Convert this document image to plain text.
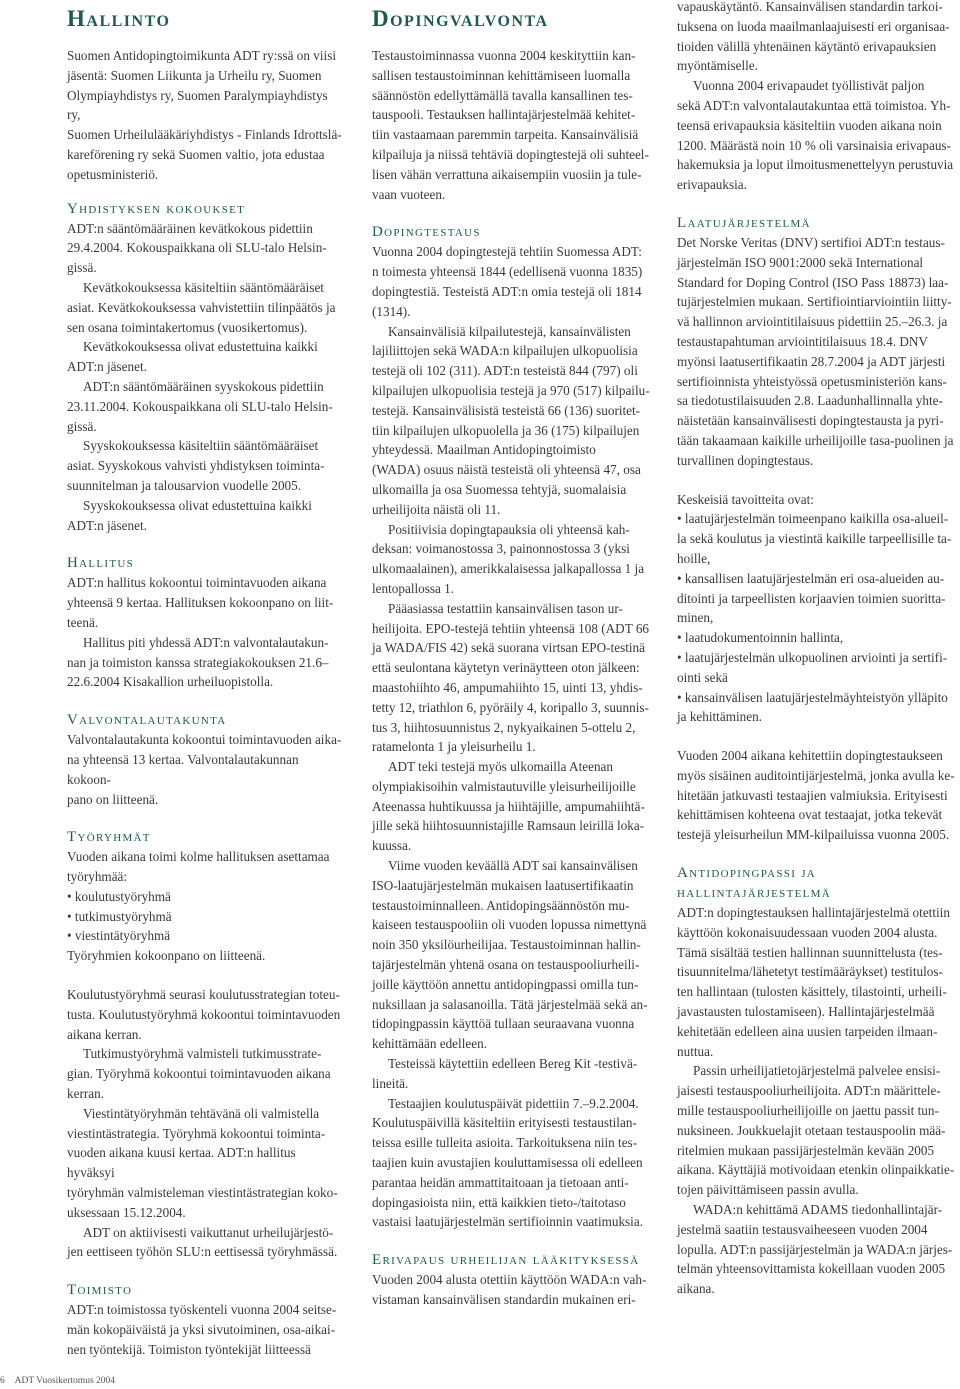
Hallinto

Suomen Antidopingtoimikunta ADT ry:ssä on viisi
jäsentä: Suomen Liikunta ja Urheilu ry, Suomen
Olympiayhdistys ry, Suomen Paralympiayhdistys ry,
Suomen Urheilulääkäriyhdistys - Finlands Idrottslä-
kareförening ry sekä Suomen valtio, jota edustaa
opetusministeriö.

Yhdistyksen kokoukset

ADT:n sääntömääräinen kevätkokous pidettiin
29.4.2004. Kokouspaikkana oli SLU-talo Helsin-
gissä.

Kevätkokouksessa käsiteltiin sääntömääräiset
asiat. Kevätkokouksessa vahvistettiin tilinpäätös ja
sen osana toimintakertomus (vuosikertomus).

Kevätkokouksessa olivat edustettuina kaikki
ADT:n jäsenet.

ADT:n sääntömääräinen syyskokous pidettiin
23.11.2004. Kokouspaikkana oli SLU-talo Helsin-
gissä.

Syyskokouksessa käsiteltiin sääntömääräiset
asiat. Syyskokous vahvisti yhdistyksen toiminta-
suunnitelman ja talousarvion vuodelle 2005.

Syyskokouksessa olivat edustettuina kaikki
ADT:n jäsenet.

Hallitus

ADT:n hallitus kokoontui toimintavuoden aikana
yhteensä 9 kertaa. Hallituksen kokoonpano on liit-
teenä.

Hallitus piti yhdessä ADT:n valvontalautakun-
nan ja toimiston kanssa strategiakokouksen 21.6–
22.6.2004 Kisakallion urheiluopistolla.

Valvontalautakunta

Valvontalautakunta kokoontui toimintavuoden aika-
na yhteensä 13 kertaa. Valvontalautakunnan kokoon-
pano on liitteenä.

Työryhmät

Vuoden aikana toimi kolme hallituksen asettamaa
työryhmää:

• koulutustyöryhmä
• tutkimustyöryhmä
• viestintätyöryhmä

Työryhmien kokoonpano on liitteenä.

Koulutustyöryhmä seurasi koulutusstrategian toteu-
tusta. Koulutustyöryhmä kokoontui toimintavuoden
aikana kerran.

Tutkimustyöryhmä valmisteli tutkimusstrate-
gian. Työryhmä kokoontui toimintavuoden aikana
kerran.

Viestintätyöryhmän tehtävänä oli valmistella
viestintästrategia. Työryhmä kokoontui toiminta-
vuoden aikana kuusi kertaa. ADT:n hallitus hyväksyi
työryhmän valmisteleman viestintästrategian koko-
uksessaan 15.12.2004.

ADT on aktiivisesti vaikuttanut urheilujärjestö-
jen eettiseen työhön SLU:n eettisessä työryhmässä.

Toimisto

ADT:n toimistossa työskenteli vuonna 2004 seitse-
män kokopäiväistä ja yksi sivutoiminen, osa-aikai-
nen työntekijä. Toimiston työntekijät liitteessä

Dopingvalvonta

Testaustoiminnassa vuonna 2004 keskityttiin kan-
sallisen testaustoiminnan kehittämiseen luomalla
säännöstön edellyttämällä tavalla kansallinen tes-
tauspooli. Testauksen hallintajärjestelmää kehitet-
tiin vastaamaan paremmin tarpeita. Kansainvälisiä
kilpailuja ja niissä tehtäviä dopingtestejä oli suhteel-
lisen vähän verrattuna aikaisempiin vuosiin ja tule-
vaan vuoteen.

Dopingtestaus

Vuonna 2004 dopingtestejä tehtiin Suomessa ADT:
n toimesta yhteensä 1844 (edellisenä vuonna 1835)
dopingtestiä. Testeistä ADT:n omia testejä oli 1814
(1314).

Kansainvälisiä kilpailutestejä, kansainvälisten
lajiliittojen sekä WADA:n kilpailujen ulkopuolisia
testejä oli 102 (311). ADT:n testeistä 844 (797) oli
kilpailujen ulkopuolisia testejä ja 970 (517) kilpailu-
testejä. Kansainvälisistä testeistä 66 (136) suoritet-
tiin kilpailujen ulkopuolella ja 36 (175) kilpailujen
yhteydessä. Maailman Antidopingtoimisto
(WADA) osuus näistä testeistä oli yhteensä 47, osa
ulkomailla ja osa Suomessa tehtyjä, suomalaisia
urheilijoita näistä oli 11.

Positiivisia dopingtapauksia oli yhteensä kah-
deksan: voimanostossa 3, painonnostossa 3 (yksi
ulkomaalainen), amerikkalaisessa jalkapallossa 1 ja
lentopallossa 1.

Pääasiassa testattiin kansainvälisen tason ur-
heilijoita. EPO-testejä tehtiin yhteensä 108 (ADT 66
ja WADA/FIS 42) sekä suorana virtsan EPO-testinä
että seulontana käytetyn verinäytteen oton jälkeen:
maastohiihto 46, ampumahiihto 15, uinti 13, yhdis-
tetty 12, triathlon 6, pyöräily 4, koripallo 3, suunnis-
tus 3, hiihtosuunnistus 2, nykyaikainen 5-ottelu 2,
ratamelonta 1 ja yleisurheilu 1.

ADT teki testejä myös ulkomailla Ateenan
olympiakisoihin valmistautuville yleisurheilijoille
Ateenassa huhtikuussa ja hiihtäjille, ampumahiihtä-
jille sekä hiihtosuunnistajille Ramsaun leirillä loka-
kuussa.

Viime vuoden keväällä ADT sai kansainvälisen
ISO-laatujärjestelmän mukaisen laatusertifikaatin
testaustoiminnalleen. Antidopingsäännöstön mu-
kaiseen testauspooliin oli vuoden lopussa nimettynä
noin 350 yksilöurheilijaa. Testaustoiminnan hallin-
tajärjestelmän yhtenä osana on testauspooliurheili-
joille käyttöön annettu antidopingpassi omilla tun-
nuksillaan ja salasanoilla. Tätä järjestelmää sekä an-
tidopingpassin käyttöä tullaan seuraavana vuonna
kehittämään edelleen.

Testeissä käytettiin edelleen Bereg Kit -testivä-
lineitä.

Testaajien koulutuspäivät pidettiin 7.–9.2.2004.
Koulutuspäivillä käsiteltiin erityisesti testaustilan-
teissa esille tulleita asioita. Tarkoituksena niin tes-
taajien kuin avustajien kouluttamisessa oli edelleen
parantaa heidän ammattitaitoaan ja tietoaan anti-
dopingasioista niin, että kaikkien tieto-/taitotaso
vastaisi laatujärjestelmän sertifioinnin vaatimuksia.

Erivapaus urheilijan lääkityksessä

Vuoden 2004 alusta otettiin käyttöön WADA:n vah-
vistaman kansainvälisen standardin mukainen eri-

vapauskäytäntö. Kansainvälisen standardin tarkoi-
tuksena on luoda maailmanlaajuisesti eri organisaa-
tioiden välillä yhtenäinen käytäntö erivapauksien
myöntämiselle.

Vuonna 2004 erivapaudet työllistivät paljon
sekä ADT:n valvontalautakuntaa että toimistoa. Yh-
teensä erivapauksia käsiteltiin vuoden aikana noin
1200. Määrästä noin 10 % oli varsinaisia erivapaus-
hakemuksia ja loput ilmoitusmenettelyyn perustuvia
erivapauksia.

Laatujärjestelmä

Det Norske Veritas (DNV) sertifioi ADT:n testaus-
järjestelmän ISO 9001:2000 sekä International
Standard for Doping Control (ISO Pass 18873) laa-
tujärjestelmien mukaan. Sertifiointiarviointiin liitty-
vä hallinnon arviointitilaisuus pidettiin 25.–26.3. ja
testaustapahtuman arviointitilaisuus 18.4. DNV
myönsi laatusertifikaatin 28.7.2004 ja ADT järjesti
sertifioinnista yhteistyössä opetusministeriön kans-
sa tiedotustilaisuuden 2.8. Laadunhallinnalla yhte-
näistetään kansainvälisesti dopingtestausta ja pyri-
tään takaamaan kaikille urheilijoille tasa-puolinen ja
turvallinen dopingtestaus.

Keskeisiä tavoitteita ovat:

• laatujärjestelmän toimeenpano kaikilla osa-alueil-
la sekä koulutus ja viestintä kaikille tarpeellisille ta-
hoille,
• kansallisen laatujärjestelmän eri osa-alueiden au-
ditointi ja tarpeellisten korjaavien toimien suoritta-
minen,
• laatudokumentoinnin hallinta,
• laatujärjestelmän ulkopuolinen arviointi ja sertifi-
ointi sekä
• kansainvälisen laatujärjestelmäyhteistyön ylläpito
ja kehittäminen.

Vuoden 2004 aikana kehitettiin dopingtestaukseen
myös sisäinen auditointijärjestelmä, jonka avulla ke-
hitetään jatkuvasti testaajien valmiuksia. Erityisesti
kehittämisen kohteena ovat testaajat, jotka tekevät
testejä yleisurheilun MM-kilpailuissa vuonna 2005.

Antidopingpassi ja hallintajärjestelmä

ADT:n dopingtestauksen hallintajärjestelmä otettiin
käyttöön kokonaisuudessaan vuoden 2004 alusta.
Tämä sisältää testien hallinnan suunnittelusta (tes-
tisuunnitelma/lähetetyt testimääräykset) testitulos-
ten hallintaan (tulosten käsittely, tilastointi, urheili-
javastausten tulostamiseen). Hallintajärjestelmää
kehitetään edelleen aina uusien tarpeiden ilmaan-
nuttua.

Passin urheilijatietojärjestelmä palvelee ensisi-
jaisesti testauspooliurheilijoita. ADT:n määrittele-
mille testauspooliurheilijoille on jaettu passit tun-
nuksineen. Joukkuelajit otetaan testauspoolin mää-
ritelmien mukaan passijärjestelmän kevään 2005
aikana. Käyttäjiä motivoidaan etenkin olinpaikkatie-
tojen päivittämiseen passin avulla.

WADA:n kehittämä ADAMS tiedonhallintajär-
jestelmä saatiin testausvaiheeseen vuoden 2004
lopulla. ADT:n passijärjestelmän ja WADA:n järjes-
telmän yhteensovittamista kokeillaan vuoden 2005
aikana.

6 ADT Vuosikertomus 2004
